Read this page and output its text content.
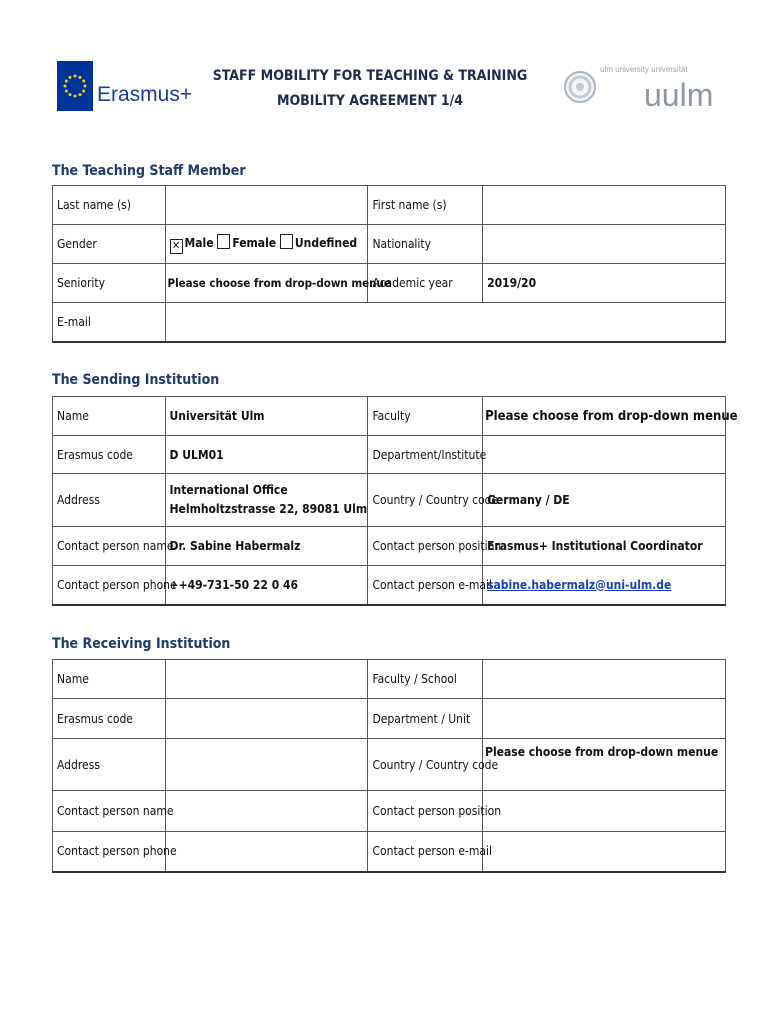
Erasmus+
ulm university universität
uulm
STAFF MOBILITY FOR TEACHING & TRAINING
MOBILITY AGREEMENT 1/4
The Teaching Staff Member
Last name (s)		First name (s)	
Gender	✕ Male Female Undefined	Nationality	
Seniority	Please choose from drop-down menue	Academic year	2019/20
E-mail			
The Sending Institution
Name	Universität Ulm	Faculty	Please choose from drop-down menue
Erasmus code	D ULM01	Department/Institute	
Address	International Office
Helmholtzstrasse 22, 89081 Ulm	Country / Country code	Germany / DE
Contact person name	Dr. Sabine Habermalz	Contact person position	Erasmus+ Institutional Coordinator
Contact person phone	++49-731-50 22 0 46	Contact person e-mail	sabine.habermalz@uni-ulm.de
The Receiving Institution
Name		Faculty / School	
Erasmus code		Department / Unit	
Address		Country / Country code	Please choose from drop-down menue
Contact person name		Contact person position	
Contact person phone		Contact person e-mail	
